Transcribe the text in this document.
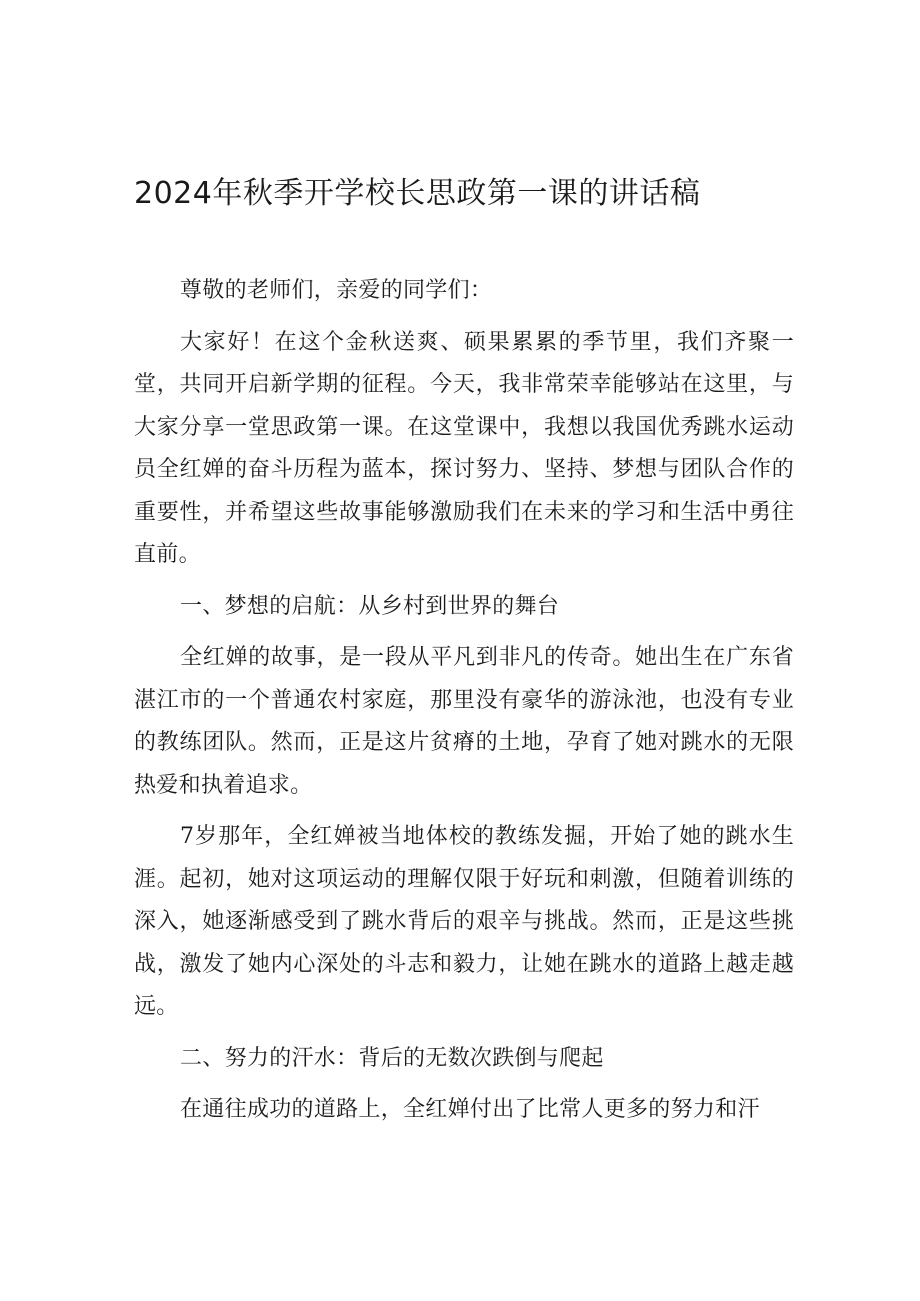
2024年秋季开学校长思政第一课的讲话稿

尊敬的老师们，亲爱的同学们：

大家好！在这个金秋送爽、硕果累累的季节里，我们齐聚一堂，共同开启新学期的征程。今天，我非常荣幸能够站在这里，与大家分享一堂思政第一课。在这堂课中，我想以我国优秀跳水运动员全红婵的奋斗历程为蓝本，探讨努力、坚持、梦想与团队合作的重要性，并希望这些故事能够激励我们在未来的学习和生活中勇往直前。

一、梦想的启航：从乡村到世界的舞台

全红婵的故事，是一段从平凡到非凡的传奇。她出生在广东省湛江市的一个普通农村家庭，那里没有豪华的游泳池，也没有专业的教练团队。然而，正是这片贫瘠的土地，孕育了她对跳水的无限热爱和执着追求。

7岁那年，全红婵被当地体校的教练发掘，开始了她的跳水生涯。起初，她对这项运动的理解仅限于好玩和刺激，但随着训练的深入，她逐渐感受到了跳水背后的艰辛与挑战。然而，正是这些挑战，激发了她内心深处的斗志和毅力，让她在跳水的道路上越走越远。

二、努力的汗水：背后的无数次跌倒与爬起

在通往成功的道路上，全红婵付出了比常人更多的努力和汗
